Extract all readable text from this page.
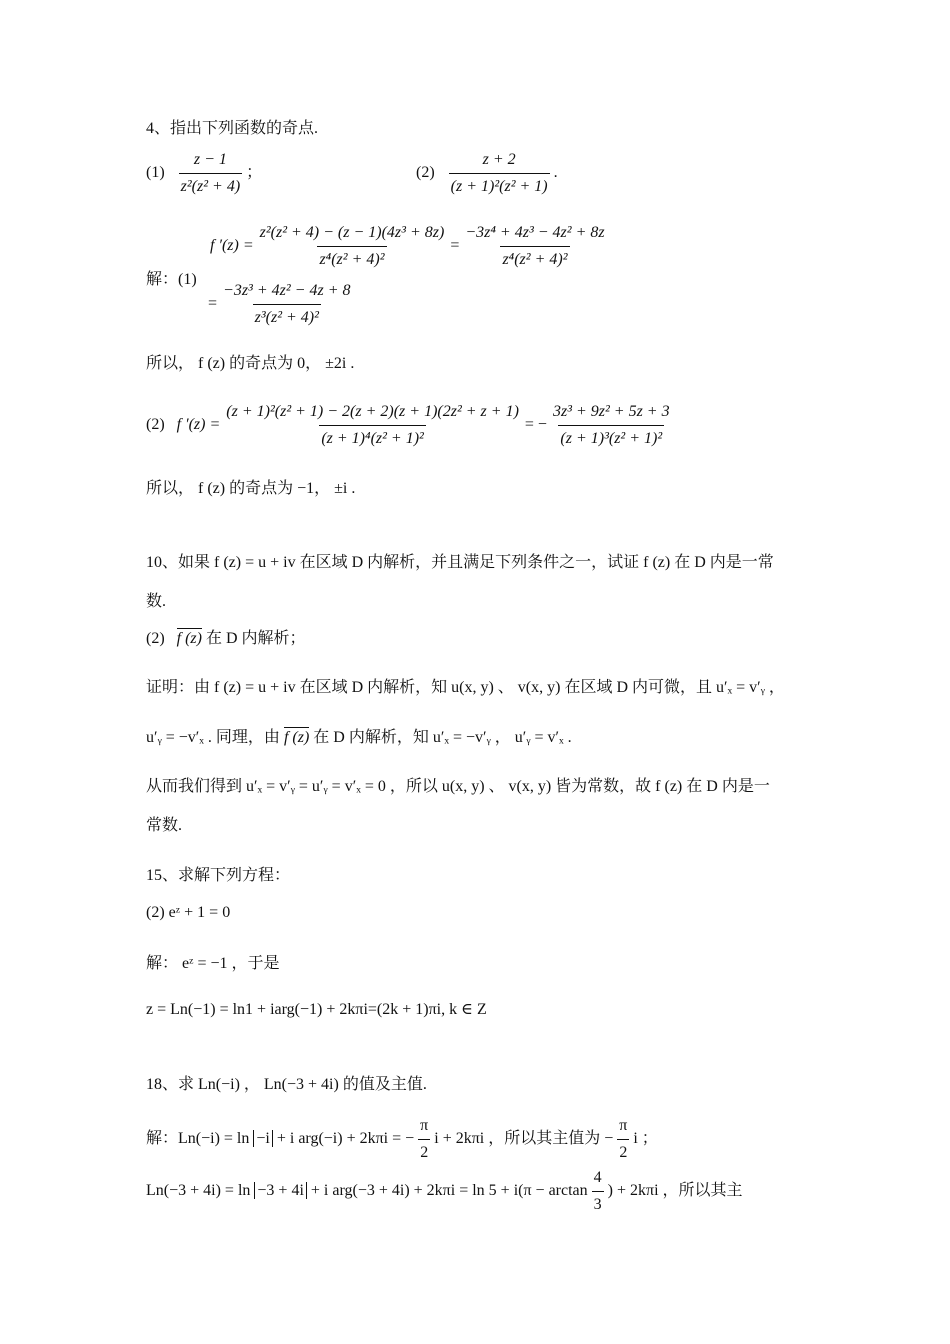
4、指出下列函数的奇点.
$(1) \frac{z - 1}{\text{z²(z² + 4)}}$ ；	$(2) \frac{z + 2}{\text{(z + 1)²(z² + 1)}}$ .
f $'(z) = \frac{\text{z²(z² + 4) − (z − 1)(4z³ + 8z)}}{\text{z⁴(z² + 4)²}} = \frac{\text{−3z⁴ + 4z³ − 4z² + 8z}}{\text{z⁴(z² + 4)²}}$
解：(1)
= $\frac{\text{−3z³ + 4z² − 4z + 8}}{\text{z³(z² + 4)²}}$
所以， f (z) 的奇点为 0， ±2i .
(2) f $'(z) = \frac{\text{(z + 1)²(z² + 1) − 2(z + 2)(z + 1)(2z² + z + 1)}}{\text{(z + 1)⁴(z² + 1)²}}$ = − $\frac{\text{3z³ + 9z² + 5z + 3}}{\text{(z + 1)³(z² + 1)²}}$
所以， f (z) 的奇点为 −1， ±i .
10、如果 f (z) = u + iv 在区域 D 内解析，并且满足下列条件之一，试证 f (z) 在 D 内是一常
数.
(2) f (z) 在 D 内解析；
证明：由 f (z) = u + iv 在区域 D 内解析，知 u(x, y) 、 v(x, y) 在区域 D 内可微，且 u′ₓ = v′ᵧ ，
u′ᵧ = −v′ₓ . 同理，由 f (z) 在 D 内解析，知 u′ₓ = −v′ᵧ ， u′ᵧ = v′ₓ .
从而我们得到 u′ₓ = v′ᵧ = u′ᵧ = v′ₓ = 0 ，所以 u(x, y) 、 v(x, y) 皆为常数，故 f (z) 在 D 内是一
常数.
15、求解下列方程：
(2) eᶻ + 1 = 0
解： eᶻ = −1 ，于是
z = Ln(−1) = ln1 + iarg(−1) + 2kπi=(2k + 1)πi, k ∈ Z
18、求 Ln(−i) ， Ln(−3 + 4i) 的值及主值.
解：Ln(−i) = ln −i + i arg(−i) + 2kπi = − $\frac{\pi}{2}$ i + 2kπi ，所以其主值为 − $\frac{\pi}{2}$ i ；
Ln(−3 + 4i) = ln −3 + 4i + i $arg(-3 + 4i) + 2k\pi i = \ln 5 + i(\pi - \arctan \frac{4}{3}$ ) + 2kπi ，所以其主
